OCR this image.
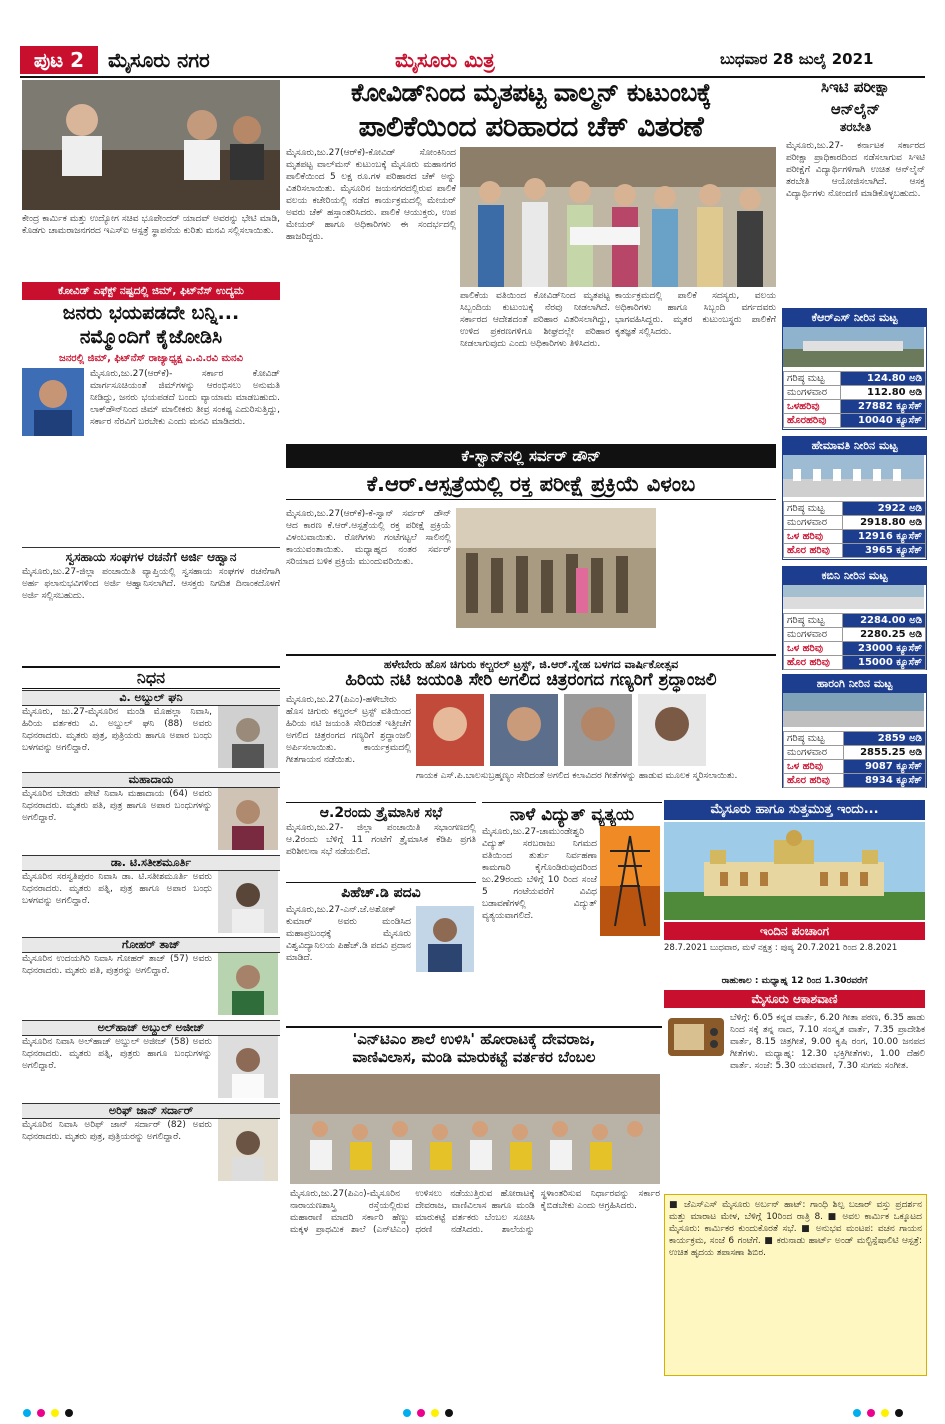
ಪುಟ 2	ಮೈಸೂರು ನಗರ	ಮೈಸೂರು ಮಿತ್ರ	ಬುಧವಾರ 28 ಜುಲೈ 2021
ಕೇಂದ್ರ ಕಾರ್ಮಿಕ ಮತ್ತು ಉದ್ಯೋಗ ಸಚಿವ ಭೂಪೇಂದರ್ ಯಾದವ್ ಅವರನ್ನು ಭೇಟಿ ಮಾಡಿ, ಕೊಡಗು ಚಾಮರಾಜನಗರದ ಇಎಸ್ಐ ಆಸ್ಪತ್ರೆ ಸ್ಥಾಪನೆಯ ಕುರಿತು ಮನವಿ ಸಲ್ಲಿಸಲಾಯಿತು.
ಕೋವಿಡ್ ಎಫೆಕ್ಟ್ ನಷ್ಟದಲ್ಲಿ ಜಿಮ್, ಫಿಟ್‌ನೆಸ್ ಉದ್ಯಮ
ಜನರು ಭಯಪಡದೇ ಬನ್ನಿ...
ನಮ್ಮೊಂದಿಗೆ ಕೈಜೋಡಿಸಿ
ಜನರಲ್ಲಿ ಜಿಮ್, ಫಿಟ್‌ನೆಸ್ ರಾಜ್ಯಾಧ್ಯಕ್ಷ ಎ.ವಿ.ರವಿ ಮನವಿ
ಮೈಸೂರು,ಜು.27(ಆರ್‌ಕೆ)- ಸರ್ಕಾರ ಕೋವಿಡ್ ಮಾರ್ಗಸೂಚಿಯಂತೆ ಜಿಮ್‌ಗಳನ್ನು ಆರಂಭಿಸಲು ಅನುಮತಿ ನೀಡಿದ್ದು, ಜನರು ಭಯಪಡದೆ ಬಂದು ವ್ಯಾಯಾಮ ಮಾಡಬಹುದು. ಲಾಕ್‌ಡೌನ್‌ನಿಂದ ಜಿಮ್ ಮಾಲೀಕರು ತೀವ್ರ ಸಂಕಷ್ಟ ಎದುರಿಸುತ್ತಿದ್ದು, ಸರ್ಕಾರ ನೆರವಿಗೆ ಬರಬೇಕು ಎಂದು ಮನವಿ ಮಾಡಿದರು.
ಸ್ವಸಹಾಯ ಸಂಘಗಳ ರಚನೆಗೆ ಅರ್ಜಿ ಆಹ್ವಾನ
ಮೈಸೂರು,ಜು.27-ಜಿಲ್ಲಾ ಪಂಚಾಯಿತಿ ವ್ಯಾಪ್ತಿಯಲ್ಲಿ ಸ್ವಸಹಾಯ ಸಂಘಗಳ ರಚನೆಗಾಗಿ ಅರ್ಹ ಫಲಾನುಭವಿಗಳಿಂದ ಅರ್ಜಿ ಆಹ್ವಾನಿಸಲಾಗಿದೆ. ಆಸಕ್ತರು ನಿಗದಿತ ದಿನಾಂಕದೊಳಗೆ ಅರ್ಜಿ ಸಲ್ಲಿಸಬಹುದು.
ನಿಧನ
ವಿ. ಅಬ್ದುಲ್ ಘನಿ
ಮೈಸೂರು, ಜು.27-ಮೈಸೂರಿನ ಮಂಡಿ ಮೊಹಲ್ಲಾ ನಿವಾಸಿ, ಹಿರಿಯ ವರ್ತಕರು ವಿ. ಅಬ್ದುಲ್ ಘನಿ (88) ಅವರು ನಿಧನರಾದರು. ಮೃತರು ಪುತ್ರ, ಪುತ್ರಿಯರು ಹಾಗೂ ಅಪಾರ ಬಂಧು ಬಳಗವನ್ನು ಅಗಲಿದ್ದಾರೆ.
ಮಹಾದಾಯ
ಮೈಸೂರಿನ ಬೇಡರು ಪೇಟೆ ನಿವಾಸಿ ಮಹಾದಾಯ (64) ಅವರು ನಿಧನರಾದರು. ಮೃತರು ಪತಿ, ಪುತ್ರ ಹಾಗೂ ಅಪಾರ ಬಂಧುಗಳನ್ನು ಅಗಲಿದ್ದಾರೆ.
ಡಾ. ಟಿ.ಸತೀಶಮೂರ್ತಿ
ಮೈಸೂರಿನ ಸರಸ್ವತಿಪುರಂ ನಿವಾಸಿ ಡಾ. ಟಿ.ಸತೀಶಮೂರ್ತಿ ಅವರು ನಿಧನರಾದರು. ಮೃತರು ಪತ್ನಿ, ಪುತ್ರ ಹಾಗೂ ಅಪಾರ ಬಂಧು ಬಳಗವನ್ನು ಅಗಲಿದ್ದಾರೆ.
ಗೋಹರ್ ತಾಜ್
ಮೈಸೂರಿನ ಉದಯಗಿರಿ ನಿವಾಸಿ ಗೋಹರ್ ತಾಜ್ (57) ಅವರು ನಿಧನರಾದರು. ಮೃತರು ಪತಿ, ಪುತ್ರರನ್ನು ಅಗಲಿದ್ದಾರೆ.
ಅಲ್‌ಹಾಜ್ ಅಬ್ದುಲ್ ಅಜೀಜ್
ಮೈಸೂರಿನ ನಿವಾಸಿ ಅಲ್‌ಹಾಜ್ ಅಬ್ದುಲ್ ಅಜೀಜ್ (58) ಅವರು ನಿಧನರಾದರು. ಮೃತರು ಪತ್ನಿ, ಪುತ್ರರು ಹಾಗೂ ಬಂಧುಗಳನ್ನು ಅಗಲಿದ್ದಾರೆ.
ಅರಿಫ್ ಜಾನ್ ಸರ್ದಾರ್
ಮೈಸೂರಿನ ನಿವಾಸಿ ಅರಿಫ್ ಜಾನ್ ಸರ್ದಾರ್ (82) ಅವರು ನಿಧನರಾದರು. ಮೃತರು ಪುತ್ರ, ಪುತ್ರಿಯರನ್ನು ಅಗಲಿದ್ದಾರೆ.
ಕೋವಿಡ್‌ನಿಂದ ಮೃತಪಟ್ಟ ವಾಲ್ಮನ್ ಕುಟುಂಬಕ್ಕೆ
ಪಾಲಿಕೆಯಿಂದ ಪರಿಹಾರದ ಚೆಕ್ ವಿತರಣೆ
ಮೈಸೂರು,ಜು.27(ಆರ್‌ಕೆ)-ಕೋವಿಡ್ ಸೋಂಕಿನಿಂದ ಮೃತಪಟ್ಟ ವಾಲ್‌ಮನ್ ಕುಟುಂಬಕ್ಕೆ ಮೈಸೂರು ಮಹಾನಗರ ಪಾಲಿಕೆಯಿಂದ 5 ಲಕ್ಷ ರೂ.ಗಳ ಪರಿಹಾರದ ಚೆಕ್ ಅನ್ನು ವಿತರಿಸಲಾಯಿತು. ಮೈಸೂರಿನ ಜಯನಗರದಲ್ಲಿರುವ ಪಾಲಿಕೆ ವಲಯ ಕಚೇರಿಯಲ್ಲಿ ನಡೆದ ಕಾರ್ಯಕ್ರಮದಲ್ಲಿ ಮೇಯರ್ ಅವರು ಚೆಕ್ ಹಸ್ತಾಂತರಿಸಿದರು. ಪಾಲಿಕೆ ಆಯುಕ್ತರು, ಉಪ ಮೇಯರ್ ಹಾಗೂ ಅಧಿಕಾರಿಗಳು ಈ ಸಂದರ್ಭದಲ್ಲಿ ಹಾಜರಿದ್ದರು.
ಪಾಲಿಕೆಯ ವತಿಯಿಂದ ಕೋವಿಡ್‌ನಿಂದ ಮೃತಪಟ್ಟ ಸಿಬ್ಬಂದಿಯ ಕುಟುಂಬಕ್ಕೆ ನೆರವು ನೀಡಲಾಗಿದೆ. ಸರ್ಕಾರದ ಆದೇಶದಂತೆ ಪರಿಹಾರ ವಿತರಿಸಲಾಗಿದ್ದು, ಉಳಿದ ಪ್ರಕರಣಗಳಿಗೂ ಶೀಘ್ರದಲ್ಲೇ ಪರಿಹಾರ ನೀಡಲಾಗುವುದು ಎಂದು ಅಧಿಕಾರಿಗಳು ತಿಳಿಸಿದರು.
ಕಾರ್ಯಕ್ರಮದಲ್ಲಿ ಪಾಲಿಕೆ ಸದಸ್ಯರು, ವಲಯ ಅಧಿಕಾರಿಗಳು ಹಾಗೂ ಸಿಬ್ಬಂದಿ ವರ್ಗದವರು ಭಾಗವಹಿಸಿದ್ದರು. ಮೃತರ ಕುಟುಂಬಸ್ಥರು ಪಾಲಿಕೆಗೆ ಕೃತಜ್ಞತೆ ಸಲ್ಲಿಸಿದರು.
ಕೆ-ಸ್ವಾನ್‌ನಲ್ಲಿ ಸರ್ವರ್ ಡೌನ್
ಕೆ.ಆರ್.ಆಸ್ಪತ್ರೆಯಲ್ಲಿ ರಕ್ತ ಪರೀಕ್ಷೆ ಪ್ರಕ್ರಿಯೆ ವಿಳಂಬ
ಮೈಸೂರು,ಜು.27(ಆರ್‌ಕೆ)-ಕೆ-ಸ್ವಾನ್ ಸರ್ವರ್ ಡೌನ್ ಆದ ಕಾರಣ ಕೆ.ಆರ್.ಆಸ್ಪತ್ರೆಯಲ್ಲಿ ರಕ್ತ ಪರೀಕ್ಷೆ ಪ್ರಕ್ರಿಯೆ ವಿಳಂಬವಾಯಿತು. ರೋಗಿಗಳು ಗಂಟೆಗಟ್ಟಲೆ ಸಾಲಿನಲ್ಲಿ ಕಾಯುವಂತಾಯಿತು. ಮಧ್ಯಾಹ್ನದ ನಂತರ ಸರ್ವರ್ ಸರಿಯಾದ ಬಳಿಕ ಪ್ರಕ್ರಿಯೆ ಮುಂದುವರಿಯಿತು.
ಹಳೇಬೇರು ಹೊಸ ಚಿಗುರು ಕಲ್ಚರಲ್ ಟ್ರಸ್ಟ್, ಜಿ.ಆರ್.ಸ್ನೇಹ ಬಳಗದ ವಾರ್ಷಿಕೋತ್ಸವ
ಹಿರಿಯ ನಟಿ ಜಯಂತಿ ಸೇರಿ ಅಗಲಿದ ಚಿತ್ರರಂಗದ ಗಣ್ಯರಿಗೆ ಶ್ರದ್ಧಾಂಜಲಿ
ಮೈಸೂರು,ಜು.27(ಪಿಎಂ)-ಹಳೇಬೇರು ಹೊಸ ಚಿಗುರು ಕಲ್ಚರಲ್ ಟ್ರಸ್ಟ್ ವತಿಯಿಂದ ಹಿರಿಯ ನಟಿ ಜಯಂತಿ ಸೇರಿದಂತೆ ಇತ್ತೀಚೆಗೆ ಅಗಲಿದ ಚಿತ್ರರಂಗದ ಗಣ್ಯರಿಗೆ ಶ್ರದ್ಧಾಂಜಲಿ ಅರ್ಪಿಸಲಾಯಿತು. ಕಾರ್ಯಕ್ರಮದಲ್ಲಿ ಗೀತಗಾಯನ ನಡೆಯಿತು.
ಗಾಯಕ ಎಸ್.ಪಿ.ಬಾಲಸುಬ್ರಹ್ಮಣ್ಯಂ ಸೇರಿದಂತೆ ಅಗಲಿದ ಕಲಾವಿದರ ಗೀತೆಗಳನ್ನು ಹಾಡುವ ಮೂಲಕ ಸ್ಮರಿಸಲಾಯಿತು.
ಆ.2ರಂದು ತ್ರೈಮಾಸಿಕ ಸಭೆ
ಮೈಸೂರು,ಜು.27- ಜಿಲ್ಲಾ ಪಂಚಾಯಿತಿ ಸಭಾಂಗಣದಲ್ಲಿ ಆ.2ರಂದು ಬೆಳಿಗ್ಗೆ 11 ಗಂಟೆಗೆ ತ್ರೈಮಾಸಿಕ ಕೆಡಿಪಿ ಪ್ರಗತಿ ಪರಿಶೀಲನಾ ಸಭೆ ನಡೆಯಲಿದೆ.
ಪಿಹೆಚ್.ಡಿ ಪದವಿ
ಮೈಸೂರು,ಜು.27-ಎನ್.ಜೆ.ಅಶೋಕ್ ಕುಮಾರ್ ಅವರು ಮಂಡಿಸಿದ ಮಹಾಪ್ರಬಂಧಕ್ಕೆ ಮೈಸೂರು ವಿಶ್ವವಿದ್ಯಾನಿಲಯ ಪಿಹೆಚ್.ಡಿ ಪದವಿ ಪ್ರದಾನ ಮಾಡಿದೆ.
ನಾಳೆ ವಿದ್ಯುತ್ ವ್ಯತ್ಯಯ
ಮೈಸೂರು,ಜು.27-ಚಾಮುಂಡೇಶ್ವರಿ ವಿದ್ಯುತ್ ಸರಬರಾಜು ನಿಗಮದ ವತಿಯಿಂದ ತುರ್ತು ನಿರ್ವಹಣಾ ಕಾಮಗಾರಿ ಕೈಗೊಂಡಿರುವುದರಿಂದ ಜು.29ರಂದು ಬೆಳಿಗ್ಗೆ 10 ರಿಂದ ಸಂಜೆ 5 ಗಂಟೆಯವರೆಗೆ ವಿವಿಧ ಬಡಾವಣೆಗಳಲ್ಲಿ ವಿದ್ಯುತ್ ವ್ಯತ್ಯಯವಾಗಲಿದೆ.
'ಎನ್‌ಟಿಎಂ ಶಾಲೆ ಉಳಿಸಿ' ಹೋರಾಟಕ್ಕೆ ದೇವರಾಜ,
ವಾಣಿವಿಲಾಸ, ಮಂಡಿ ಮಾರುಕಟ್ಟೆ ವರ್ತಕರ ಬೆಂಬಲ
ಮೈಸೂರು,ಜು.27(ಪಿಎಂ)-ಮೈಸೂರಿನ ನಾರಾಯಣಶಾಸ್ತ್ರಿ ರಸ್ತೆಯಲ್ಲಿರುವ ಮಹಾರಾಣಿ ಮಾದರಿ ಸರ್ಕಾರಿ ಹೆಣ್ಣು ಮಕ್ಕಳ ಪ್ರಾಥಮಿಕ ಶಾಲೆ (ಎನ್‌ಟಿಎಂ) ಉಳಿಸಲು ನಡೆಯುತ್ತಿರುವ ಹೋರಾಟಕ್ಕೆ ದೇವರಾಜ, ವಾಣಿವಿಲಾಸ ಹಾಗೂ ಮಂಡಿ ಮಾರುಕಟ್ಟೆ ವರ್ತಕರು ಬೆಂಬಲ ಸೂಚಿಸಿ ಧರಣಿ ನಡೆಸಿದರು. ಶಾಲೆಯನ್ನು ಸ್ಥಳಾಂತರಿಸುವ ನಿರ್ಧಾರವನ್ನು ಸರ್ಕಾರ ಕೈಬಿಡಬೇಕು ಎಂದು ಆಗ್ರಹಿಸಿದರು.
ಸಿಇಟಿ ಪರೀಕ್ಷಾ
ಆನ್‌ಲೈನ್
ತರಬೇತಿ
ಮೈಸೂರು,ಜು.27- ಕರ್ನಾಟಕ ಸರ್ಕಾರದ ಪರೀಕ್ಷಾ ಪ್ರಾಧಿಕಾರದಿಂದ ನಡೆಸಲಾಗುವ ಸಿಇಟಿ ಪರೀಕ್ಷೆಗೆ ವಿದ್ಯಾರ್ಥಿಗಳಿಗಾಗಿ ಉಚಿತ ಆನ್‌ಲೈನ್ ತರಬೇತಿ ಆಯೋಜಿಸಲಾಗಿದೆ. ಆಸಕ್ತ ವಿದ್ಯಾರ್ಥಿಗಳು ನೋಂದಣಿ ಮಾಡಿಕೊಳ್ಳಬಹುದು.
ಕೆಆರ್‌ಎಸ್ ನೀರಿನ ಮಟ್ಟ
ಗರಿಷ್ಠ ಮಟ್ಟ	124.80 ಅಡಿ
ಮಂಗಳವಾರ	112.80 ಅಡಿ
ಒಳಹರಿವು	27882 ಕ್ಯೂಸೆಕ್
ಹೊರಹರಿವು	10040 ಕ್ಯೂಸೆಕ್
ಹೇಮಾವತಿ ನೀರಿನ ಮಟ್ಟ
ಗರಿಷ್ಠ ಮಟ್ಟ	2922 ಅಡಿ
ಮಂಗಳವಾರ	2918.80 ಅಡಿ
ಒಳ ಹರಿವು	12916 ಕ್ಯೂಸೆಕ್
ಹೊರ ಹರಿವು	3965 ಕ್ಯೂಸೆಕ್
ಕಬಿನಿ ನೀರಿನ ಮಟ್ಟ
ಗರಿಷ್ಠ ಮಟ್ಟ	2284.00 ಅಡಿ
ಮಂಗಳವಾರ	2280.25 ಅಡಿ
ಒಳ ಹರಿವು	23000 ಕ್ಯೂಸೆಕ್
ಹೊರ ಹರಿವು	15000 ಕ್ಯೂಸೆಕ್
ಹಾರಂಗಿ ನೀರಿನ ಮಟ್ಟ
ಗರಿಷ್ಠ ಮಟ್ಟ	2859 ಅಡಿ
ಮಂಗಳವಾರ	2855.25 ಅಡಿ
ಒಳ ಹರಿವು	9087 ಕ್ಯೂಸೆಕ್
ಹೊರ ಹರಿವು	8934 ಕ್ಯೂಸೆಕ್
ಮೈಸೂರು ಹಾಗೂ ಸುತ್ತಮುತ್ತ ಇಂದು...
ಇಂದಿನ ಪಂಚಾಂಗ
28.7.2021 ಬುಧವಾರ, ಮಳೆ ನಕ್ಷತ್ರ : ಪುಷ್ಯ 20.7.2021 ರಿಂದ 2.8.2021
ರಾಹುಕಾಲ : ಮಧ್ಯಾಹ್ನ 12 ರಿಂದ 1.30ರವರೆಗೆ
ಮೈಸೂರು ಆಕಾಶವಾಣಿ
ಬೆಳಿಗ್ಗೆ: 6.05 ಕನ್ನಡ ವಾರ್ತೆ, 6.20 ಗೀತಾ ಪಠಣ, 6.35 ಹಾಡು ನಿಂದ ಸಕ್ಕೆ ತನ್ನ ನಾದ, 7.10 ಸಂಸ್ಕೃತ ವಾರ್ತೆ, 7.35 ಪ್ರಾದೇಶಿಕ ವಾರ್ತೆ, 8.15 ಚಿತ್ರಗೀತೆ, 9.00 ಕೃಷಿ ರಂಗ, 10.00 ಜನಪದ ಗೀತೆಗಳು. ಮಧ್ಯಾಹ್ನ: 12.30 ಭಕ್ತಿಗೀತೆಗಳು, 1.00 ದೆಹಲಿ ವಾರ್ತೆ. ಸಂಜೆ: 5.30 ಯುವವಾಣಿ, 7.30 ಸುಗಮ ಸಂಗೀತ.
■ ಜೆಎಸ್‌ಎಸ್ ಮೈಸೂರು ಅರ್ಬನ್ ಹಾಟ್: ಗಾಂಧಿ ಶಿಲ್ಪ ಬಜಾರ್ ವಸ್ತು ಪ್ರದರ್ಶನ ಮತ್ತು ಮಾರಾಟ ಮೇಳ, ಬೆಳಿಗ್ಗೆ 10ರಿಂದ ರಾತ್ರಿ 8. ■ ಅವಲ ಕಾರ್ಮಿಕ ಒಕ್ಕೂಟದ ಮೈಸೂರು: ಕಾರ್ಮಿಕರ ಕುಂದುಕೊರತೆ ಸಭೆ. ■ ಅನುಭವ ಮಂಟಪ: ವಚನ ಗಾಯನ ಕಾರ್ಯಕ್ರಮ, ಸಂಜೆ 6 ಗಂಟೆಗೆ. ■ ಕರುನಾಡು ಹಾರ್ಟ್ ಅಂಡ್ ಮಲ್ಟಿಸ್ಪೆಷಾಲಿಟಿ ಆಸ್ಪತ್ರೆ: ಉಚಿತ ಹೃದಯ ತಪಾಸಣಾ ಶಿಬಿರ.
